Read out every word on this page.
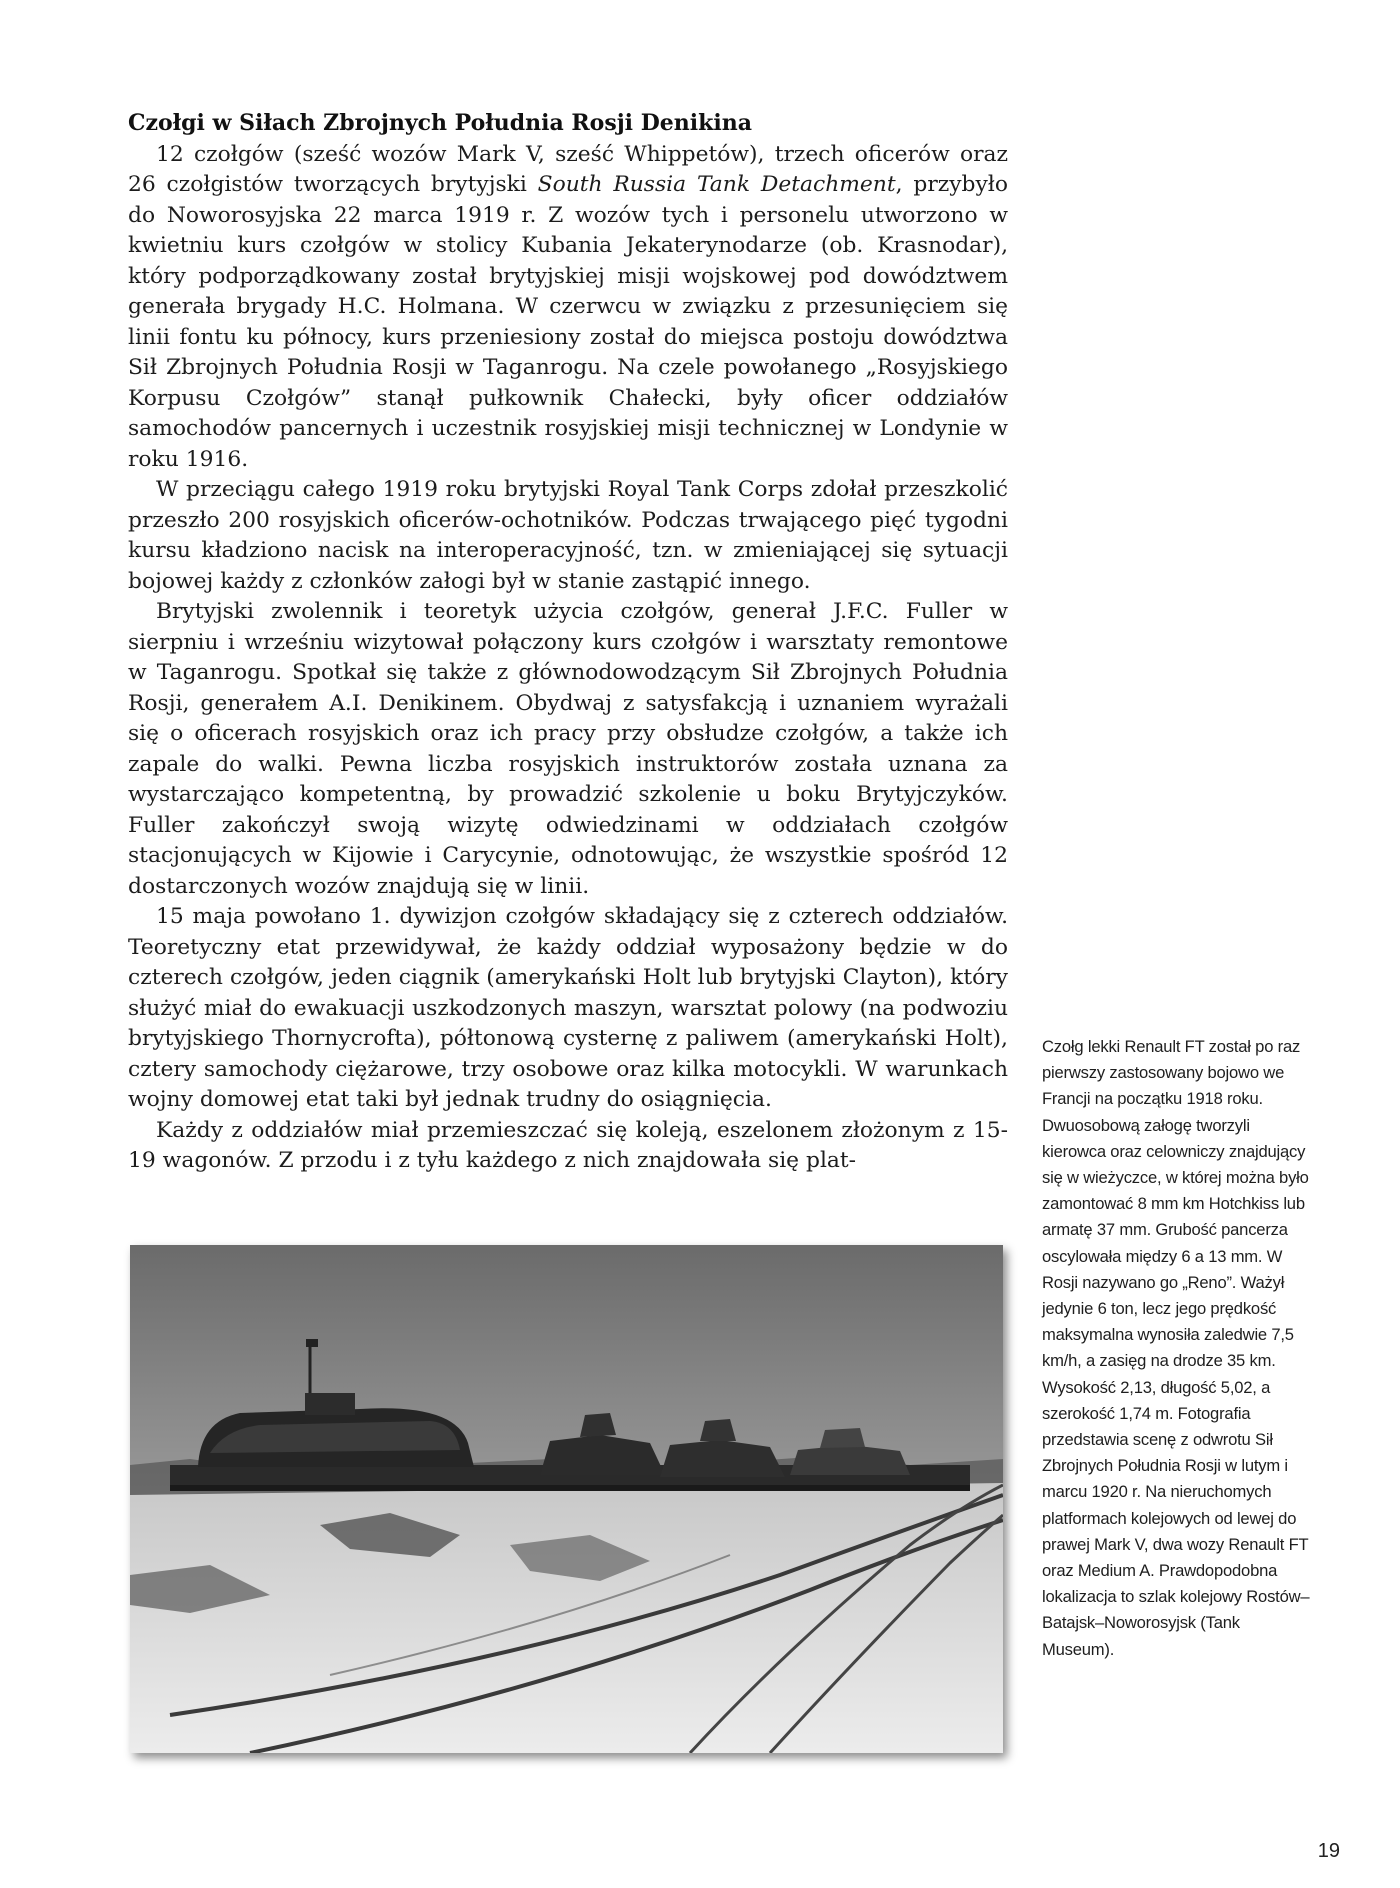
Czołgi w Siłach Zbrojnych Południa Rosji Denikina

12 czołgów (sześć wozów Mark V, sześć Whippetów), trzech oficerów oraz 26 czołgistów tworzących brytyjski South Russia Tank Detachment, przybyło do Noworosyjska 22 marca 1919 r. Z wozów tych i personelu utworzono w kwietniu kurs czołgów w stolicy Kubania Jekaterynodarze (ob. Krasnodar), który podporządkowany został brytyjskiej misji wojskowej pod dowództwem generała brygady H.C. Holmana. W czerwcu w związku z przesunięciem się linii fontu ku północy, kurs przeniesiony został do miejsca postoju dowództwa Sił Zbrojnych Południa Rosji w Taganrogu. Na czele powołanego „Rosyjskiego Korpusu Czołgów” stanął pułkownik Chałecki, były oficer oddziałów samochodów pancernych i uczestnik rosyjskiej misji technicznej w Londynie w roku 1916.

W przeciągu całego 1919 roku brytyjski Royal Tank Corps zdołał przeszkolić przeszło 200 rosyjskich oficerów-ochotników. Podczas trwającego pięć tygodni kursu kładziono nacisk na interoperacyjność, tzn. w zmieniającej się sytuacji bojowej każdy z członków załogi był w stanie zastąpić innego.

Brytyjski zwolennik i teoretyk użycia czołgów, generał J.F.C. Fuller w sierpniu i wrześniu wizytował połączony kurs czołgów i warsztaty remontowe w Taganrogu. Spotkał się także z głównodowodzącym Sił Zbrojnych Południa Rosji, generałem A.I. Denikinem. Obydwaj z satysfakcją i uznaniem wyrażali się o oficerach rosyjskich oraz ich pracy przy obsłudze czołgów, a także ich zapale do walki. Pewna liczba rosyjskich instruktorów została uznana za wystarczająco kompetentną, by prowadzić szkolenie u boku Brytyjczyków. Fuller zakończył swoją wizytę odwiedzinami w oddziałach czołgów stacjonujących w Kijowie i Carycynie, odnotowując, że wszystkie spośród 12 dostarczonych wozów znajdują się w linii.

15 maja powołano 1. dywizjon czołgów składający się z czterech oddziałów. Teoretyczny etat przewidywał, że każdy oddział wyposażony będzie w do czterech czołgów, jeden ciągnik (amerykański Holt lub brytyjski Clayton), który służyć miał do ewakuacji uszkodzonych maszyn, warsztat polowy (na podwoziu brytyjskiego Thornycrofta), półtonową cysternę z paliwem (amerykański Holt), cztery samochody ciężarowe, trzy osobowe oraz kilka motocykli. W warunkach wojny domowej etat taki był jednak trudny do osiągnięcia.

Każdy z oddziałów miał przemieszczać się koleją, eszelonem złożonym z 15-19 wagonów. Z przodu i z tyłu każdego z nich znajdowała się plat-

Czołg lekki Renault FT został po raz pierwszy zastosowany bojowo we Francji na początku 1918 roku. Dwuosobową załogę tworzyli kierowca oraz celowniczy znajdujący się w wieżyczce, w której można było zamontować 8 mm km Hotchkiss lub armatę 37 mm. Grubość pancerza oscylowała między 6 a 13 mm. W Rosji nazywano go „Reno”. Ważył jedynie 6 ton, lecz jego prędkość maksymalna wynosiła zaledwie 7,5 km/h, a zasięg na drodze 35 km. Wysokość 2,13, długość 5,02, a szerokość 1,74 m. Fotografia przedstawia scenę z odwrotu Sił Zbrojnych Południa Rosji w lutym i marcu 1920 r. Na nieruchomych platformach kolejowych od lewej do prawej Mark V, dwa wozy Renault FT oraz Medium A. Prawdopodobna lokalizacja to szlak kolejowy Rostów–Batajsk–Noworosyjsk (Tank Museum).
19
